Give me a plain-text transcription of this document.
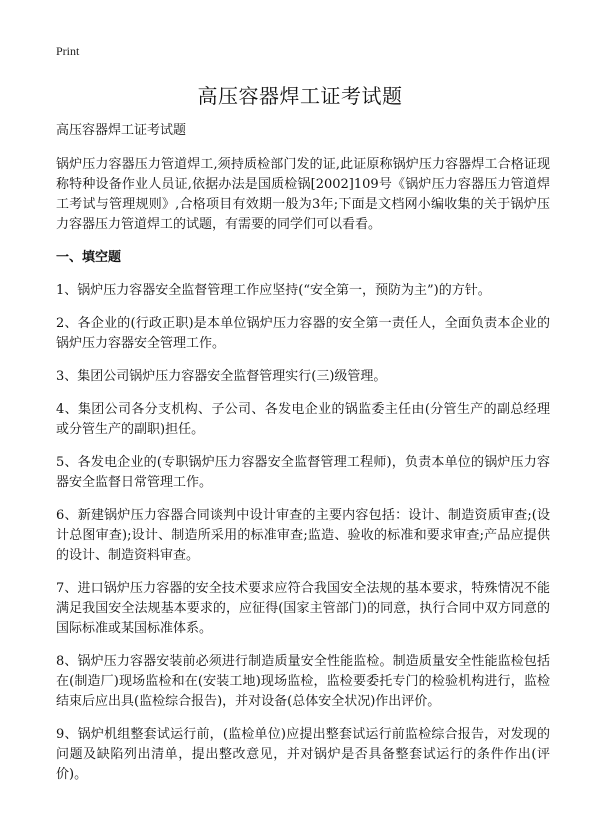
Print
高压容器焊工证考试题

高压容器焊工证考试题

锅炉压力容器压力管道焊工,须持质检部门发的证,此证原称锅炉压力容器焊工合格证现称特种设备作业人员证,依据办法是国质检锅[2002]109号《锅炉压力容器压力管道焊工考试与管理规则》,合格项目有效期一般为3年;下面是文档网小编收集的关于锅炉压力容器压力管道焊工的试题，有需要的同学们可以看看。

一、填空题

1、锅炉压力容器安全监督管理工作应坚持(“安全第一，预防为主”)的方针。

2、各企业的(行政正职)是本单位锅炉压力容器的安全第一责任人，全面负责本企业的锅炉压力容器安全管理工作。

3、集团公司锅炉压力容器安全监督管理实行(三)级管理。

4、集团公司各分支机构、子公司、各发电企业的锅监委主任由(分管生产的副总经理或分管生产的副职)担任。

5、各发电企业的(专职锅炉压力容器安全监督管理工程师)，负责本单位的锅炉压力容器安全监督日常管理工作。

6、新建锅炉压力容器合同谈判中设计审查的主要内容包括：设计、制造资质审查;(设计总图审查);设计、制造所采用的标准审查;监造、验收的标准和要求审查;产品应提供的设计、制造资料审查。

7、进口锅炉压力容器的安全技术要求应符合我国安全法规的基本要求，特殊情况不能满足我国安全法规基本要求的，应征得(国家主管部门)的同意，执行合同中双方同意的国际标准或某国标准体系。

8、锅炉压力容器安装前必须进行制造质量安全性能监检。制造质量安全性能监检包括在(制造厂)现场监检和在(安装工地)现场监检，监检要委托专门的检验机构进行，监检结束后应出具(监检综合报告)，并对设备(总体安全状况)作出评价。

9、锅炉机组整套试运行前，(监检单位)应提出整套试运行前监检综合报告，对发现的问题及缺陷列出清单，提出整改意见，并对锅炉是否具备整套试运行的条件作出(评价)。
